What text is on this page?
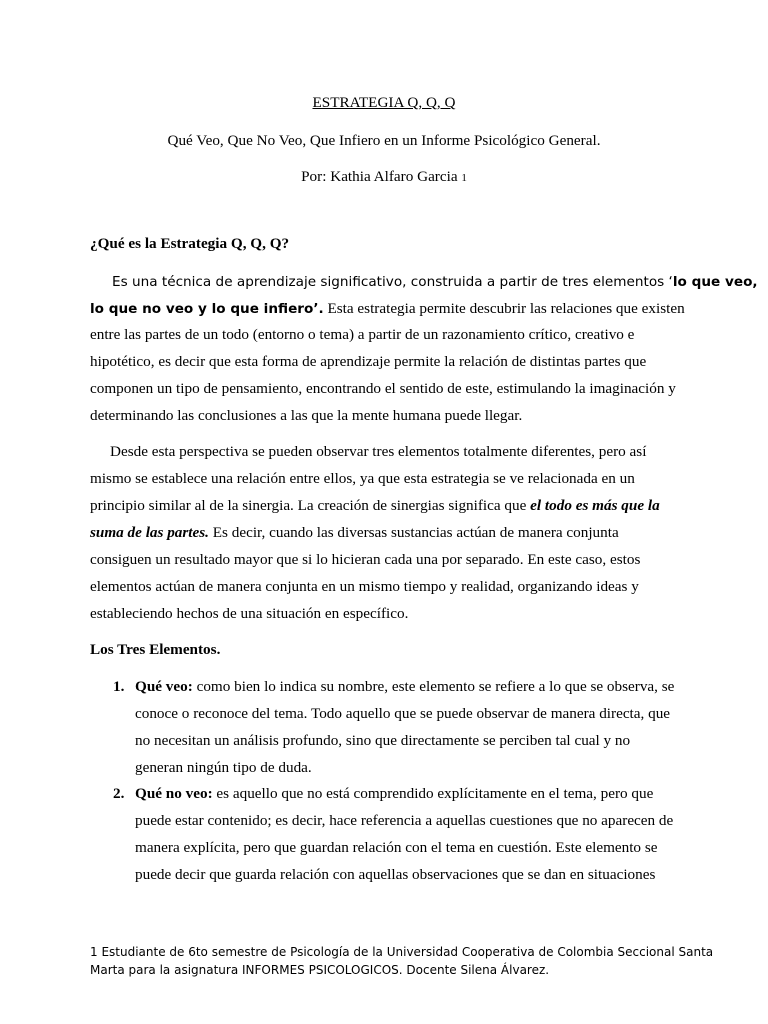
ESTRATEGIA Q, Q, Q
Qué Veo, Que No Veo, Que Infiero en un Informe Psicológico General.
Por: Kathia Alfaro Garcia 1
¿Qué es la Estrategia Q, Q, Q?
Es una técnica de aprendizaje significativo, construida a partir de tres elementos ‘lo que veo,
lo que no veo y lo que infiero’. Esta estrategia permite descubrir las relaciones que existen
entre las partes de un todo (entorno o tema) a partir de un razonamiento crítico, creativo e
hipotético, es decir que esta forma de aprendizaje permite la relación de distintas partes que
componen un tipo de pensamiento, encontrando el sentido de este, estimulando la imaginación y
determinando las conclusiones a las que la mente humana puede llegar.
Desde esta perspectiva se pueden observar tres elementos totalmente diferentes, pero así
mismo se establece una relación entre ellos, ya que esta estrategia se ve relacionada en un
principio similar al de la sinergia. La creación de sinergias significa que el todo es más que la
suma de las partes. Es decir, cuando las diversas sustancias actúan de manera conjunta
consiguen un resultado mayor que si lo hicieran cada una por separado. En este caso, estos
elementos actúan de manera conjunta en un mismo tiempo y realidad, organizando ideas y
estableciendo hechos de una situación en específico.
Los Tres Elementos.
1. Qué veo: como bien lo indica su nombre, este elemento se refiere a lo que se observa, se
conoce o reconoce del tema. Todo aquello que se puede observar de manera directa, que
no necesitan un análisis profundo, sino que directamente se perciben tal cual y no
generan ningún tipo de duda.
2. Qué no veo: es aquello que no está comprendido explícitamente en el tema, pero que
puede estar contenido; es decir, hace referencia a aquellas cuestiones que no aparecen de
manera explícita, pero que guardan relación con el tema en cuestión. Este elemento se
puede decir que guarda relación con aquellas observaciones que se dan en situaciones
1 Estudiante de 6to semestre de Psicología de la Universidad Cooperativa de Colombia Seccional Santa
Marta para la asignatura INFORMES PSICOLOGICOS. Docente Silena Álvarez.
